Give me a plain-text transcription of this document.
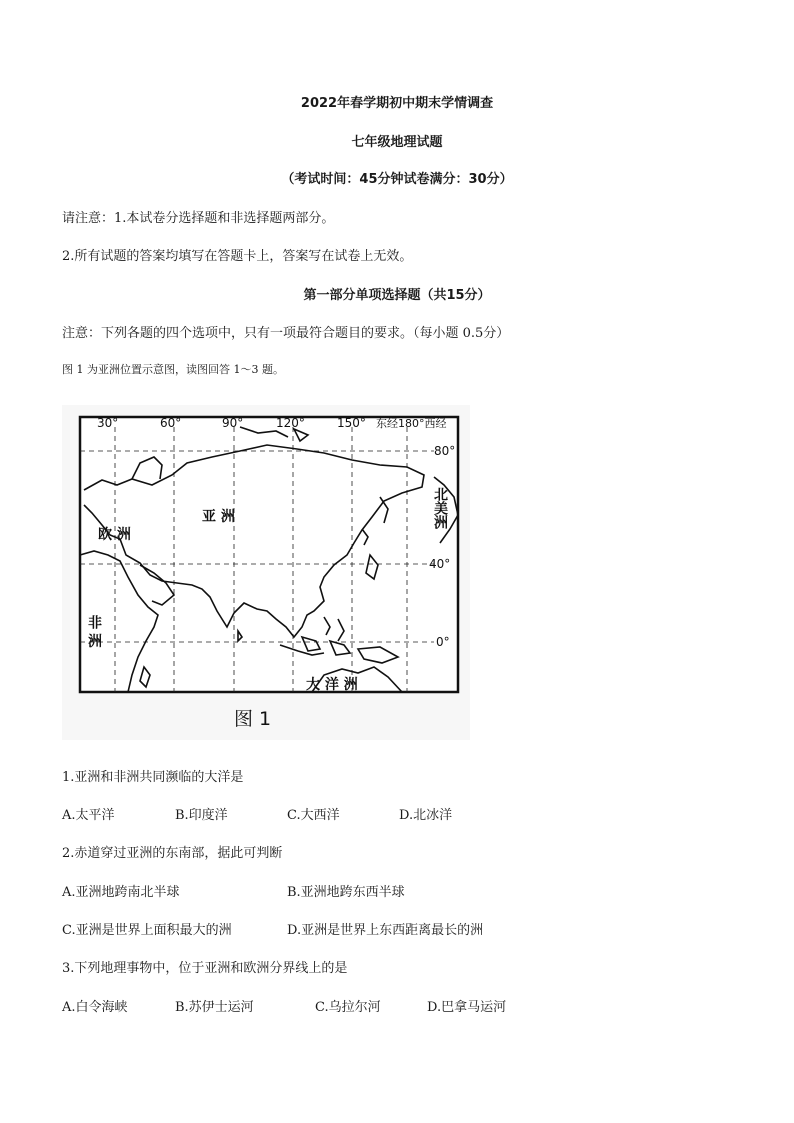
2022年春学期初中期末学情调查
七年级地理试题
（考试时间：45分钟试卷满分：30分）
请注意：1.本试卷分选择题和非选择题两部分。
2.所有试题的答案均填写在答题卡上，答案写在试卷上无效。
第一部分单项选择题（共15分）
注意：下列各题的四个选项中，只有一项最符合题目的要求。（每小题 0.5分）
图 1 为亚洲位置示意图，读图回答 1～3 题。
30°	60°	90°	120°	150° 东经180°西经
80°
40°
0°
亚 洲
欧 洲
非 洲
北美洲
大 洋 洲
图 1
1.亚洲和非洲共同濒临的大洋是
A.太平洋	B.印度洋	C.大西洋	D.北冰洋
2.赤道穿过亚洲的东南部，据此可判断
A.亚洲地跨南北半球	B.亚洲地跨东西半球
C.亚洲是世界上面积最大的洲	D.亚洲是世界上东西距离最长的洲
3.下列地理事物中，位于亚洲和欧洲分界线上的是
A.白令海峡	B.苏伊士运河	C.乌拉尔河	D.巴拿马运河
